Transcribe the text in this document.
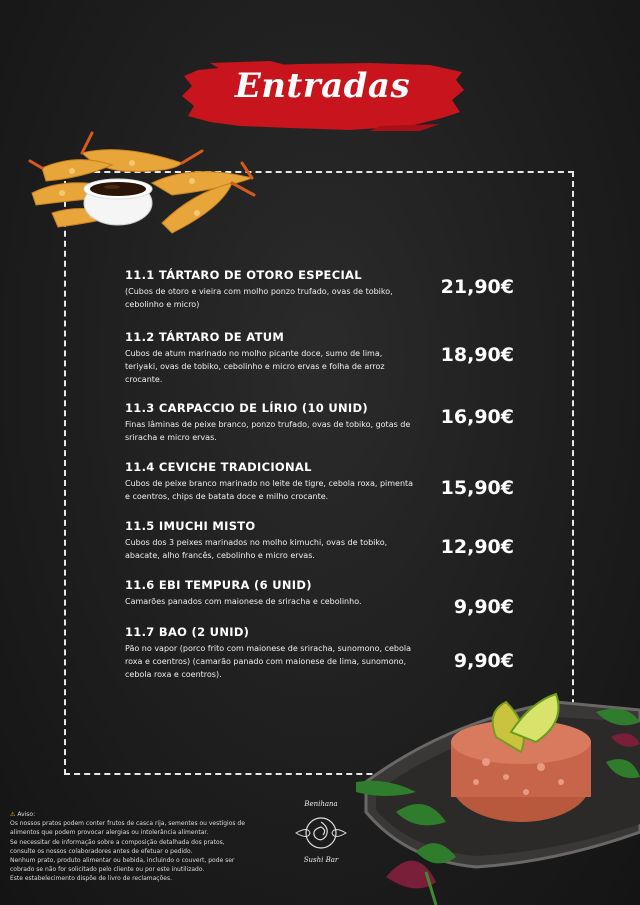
Entradas
11.1 TÁRTARO DE OTORO ESPECIAL
(Cubos de otoro e vieira com molho ponzo trufado, ovas de tobiko, cebolinho e micro)
21,90€
11.2 TÁRTARO DE ATUM
Cubos de atum marinado no molho picante doce, sumo de lima, teriyaki, ovas de tobiko, cebolinho e micro ervas e folha de arroz crocante.
18,90€
11.3 CARPACCIO DE LÍRIO (10 UNID)
Finas lâminas de peixe branco, ponzo trufado, ovas de tobiko, gotas de sriracha e micro ervas.
16,90€
11.4 CEVICHE TRADICIONAL
Cubos de peixe branco marinado no leite de tigre, cebola roxa, pimenta e coentros, chips de batata doce e milho crocante.	15,90€
11.5 IMUCHI MISTO
Cubos dos 3 peixes marinados no molho kimuchi, ovas de tobiko, abacate, alho francês, cebolinho e micro ervas.	12,90€
11.6 EBI TEMPURA (6 UNID)
Camarões panados com maionese de sriracha e cebolinho.	9,90€
11.7 BAO (2 UNID)
Pão no vapor (porco frito com maionese de sriracha, sunomono, cebola roxa e coentros) (camarão panado com maionese de lima, sunomono, cebola roxa e coentros).
9,90€

⚠ Aviso:

Os nossos pratos podem conter frutos de casca rija, sementes ou vestígios de alimentos que podem provocar alergias ou intolerância alimentar.

Se necessitar de informação sobre a composição detalhada dos pratos, consulte os nossos colaboradores antes de efetuar o pedido.

Nenhum prato, produto alimentar ou bebida, incluindo o couvert, pode ser cobrado se não for solicitado pelo cliente ou por este inutilizado.

Este estabelecimento dispõe de livro de reclamações.

Benihana
Sushi Bar
